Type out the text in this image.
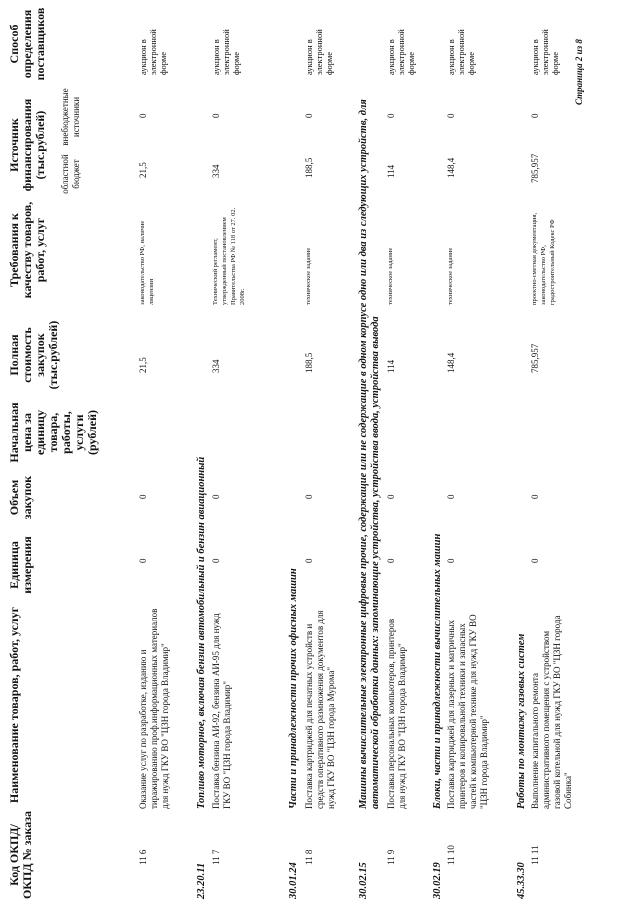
Код ОКПД/ ОКПД № заказа
Наименование товаров, работ, услуг
Единица измерения
Объем закупок
Начальная цена за единицу товара, работы, услуги (рублей)
Полная стоимость закупок (тыс.рублей)
Требования к качеству товаров, работ, услуг
Источник финансирования (тыс.рублей) областной бюджет
внебюджетные источники
Способ определения поставщиков
11 6
Оказание услуг по разработке, изданию и тиражированию проф.информационных материалов для нужд ГКУ ВО "ЦЗН города Владимир"
0
0
21,5
законодательство РФ, наличие лицензии
21,5
0
аукцион в электронной форме
23.20.11
Топливо моторное, включая бензин автомобильный и бензин авиационный
11 7
Поставка бензина АИ-92, бензина АИ-95 для нужд ГКУ ВО "ЦЗН города Владимир"
0
0
334
Технический регламент, утвержденный постановлением Правительства РФ № 118 от 27. 02. 2008г.
334
0
аукцион в электронной форме
30.01.24
Части и принадлежности прочих офисных машин
11 8
Поставка картриджей для печатных устройств и средств оперативного размножения документов для нужд ГКУ ВО "ЦЗН города Мурома"
0
0
188,5
техническое задание
188,5
0
аукцион в электронной форме
30.02.15
Машины вычислительные электронные цифровые прочие, содержащие или не содержащие в одном корпусе одно или два из следующих устройств, для автоматической обработки данных: запоминающие устройства, устройства ввода, устройства вывода
11 9
Поставка персональных компьютеров, принтеров для нужд ГКУ ВО "ЦЗН города Владимир"
0
0
114
техническое задание
114
0
аукцион в электронной форме
30.02.19
Блоки, части и принадлежности вычислительных машин
11 10
Поставка картриджей для лазерных и матричных принтеров и копировальной техники и запасных частей к компьютерной технике для нужд ГКУ ВО "ЦЗН города Владимир"
0
0
148,4
техническое задание
148,4
0
аукцион в электронной форме
45.33.30
Работы по монтажу газовых систем
11 11
Выполнение капитального ремонта административного помещения с устройством газовой котельной для нужд ГКУ ВО "ЦЗН города Собинка"
0
0
785,957
проектно-сметная документация, законодательство РФ, градостроительный Кодекс РФ
785,957
0
аукцион в электронной форме Страница 2 из 8
